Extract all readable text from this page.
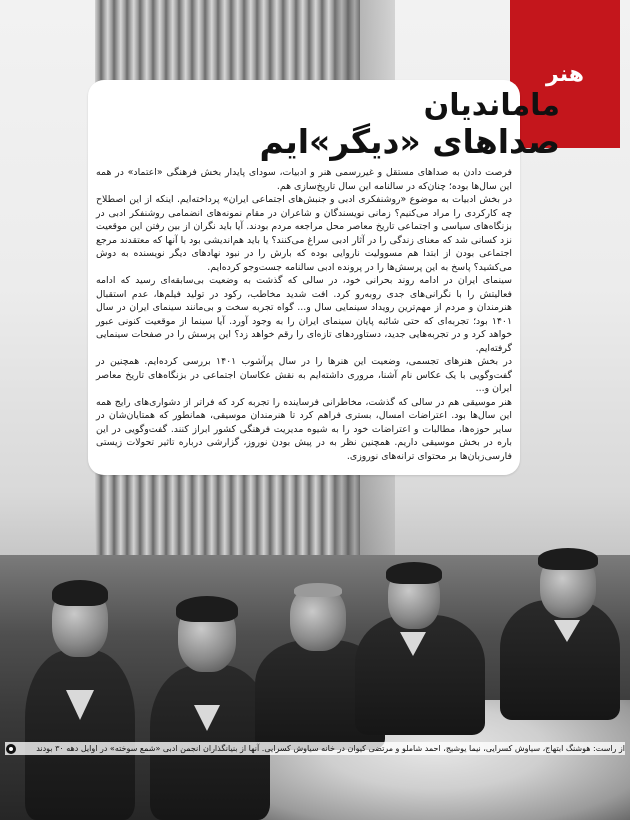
هنر
ماماندیان
صداهای «دیگر»ایم

فرصت دادن به صداهای مستقل و غیررسمی هنر و ادبیات، سودای پایدار بخش فرهنگی «اعتماد» در همه این سال‌ها بوده؛ چنان‌که در سالنامه این سال تاریخ‌سازی هم.

در بخش ادبیات به موضوع «روشنفکری ادبی و جنبش‌های اجتماعی ایران» پرداخته‌ایم. اینکه از این اصطلاح چه کارکردی را مراد می‌کنیم؟ زمانی نویسندگان و شاعران در مقام نمونه‌های انضمامی روشنفکر ادبی در بزنگاه‌های سیاسی و اجتماعی تاریخ معاصر محل مراجعه مردم بودند. آیا باید نگران از بین رفتن این موقعیت نزد کسانی شد که معنای زندگی را در آثار ادبی سراغ می‌کنند؟ یا باید هم‌اندیشی بود با آنها که معتقدند مرجع اجتماعی بودن از ابتدا هم مسوولیت ناروایی بوده که بارش را در نبود نهادهای دیگر نویسنده به دوش می‌کشید؟ پاسخ به این پرسش‌ها را در پرونده ادبی سالنامه جست‌وجو کرده‌ایم.

سینمای ایران در ادامه روند بحرانی خود، در سالی که گذشت به وضعیت بی‌سابقه‌ای رسید که ادامه فعالیتش را با نگرانی‌های جدی روبه‌رو کرد. افت شدید مخاطب، رکود در تولید فیلم‌ها، عدم استقبال هنرمندان و مردم از مهم‌ترین رویداد سینمایی سال و... گواه تجربه سخت و بی‌مانند سینمای ایران در سال ۱۴۰۱ بود؛ تجربه‌ای که حتی شائبه پایان سینمای ایران را به وجود آورد. آیا سینما از موقعیت کنونی عبور خواهد کرد و در تجربه‌هایی جدید، دستاوردهای تازه‌ای را رقم خواهد زد؟ این پرسش را در صفحات سینمایی گرفته‌ایم.

در بخش هنرهای تجسمی، وضعیت این هنرها را در سال پرآشوب ۱۴۰۱ بررسی کرده‌ایم. همچنین در گفت‌وگویی با یک عکاس نام آشنا، مروری داشته‌ایم به نقش عکاسان اجتماعی در بزنگاه‌های تاریخ معاصر ایران و...

هنر موسیقی هم در سالی که گذشت، مخاطرانی فرساینده را تجربه کرد که فراتر از دشواری‌های رایج همه این سال‌ها بود. اعتراضات امسال، بستری فراهم کرد تا هنرمندان موسیقی، همانطور که همتایان‌شان در سایر حوزه‌ها، مطالبات و اعتراضات خود را به شیوه مدیریت فرهنگی کشور ابراز کنند. گفت‌وگویی در این باره در بخش موسیقی داریم. همچنین نظر به در پیش بودن نوروز، گزارشی درباره تاثیر تحولات زیستی فارسی‌زبان‌ها بر محتوای ترانه‌های نوروزی.

از راست: هوشنگ ابتهاج، سیاوش کسرایی، نیما یوشیج، احمد شاملو و مرتضی کیوان در خانه سیاوش کسرایی. آنها از بنیانگذاران انجمن ادبی «شمع سوخته» در اوایل دهه ۳۰ بودند
